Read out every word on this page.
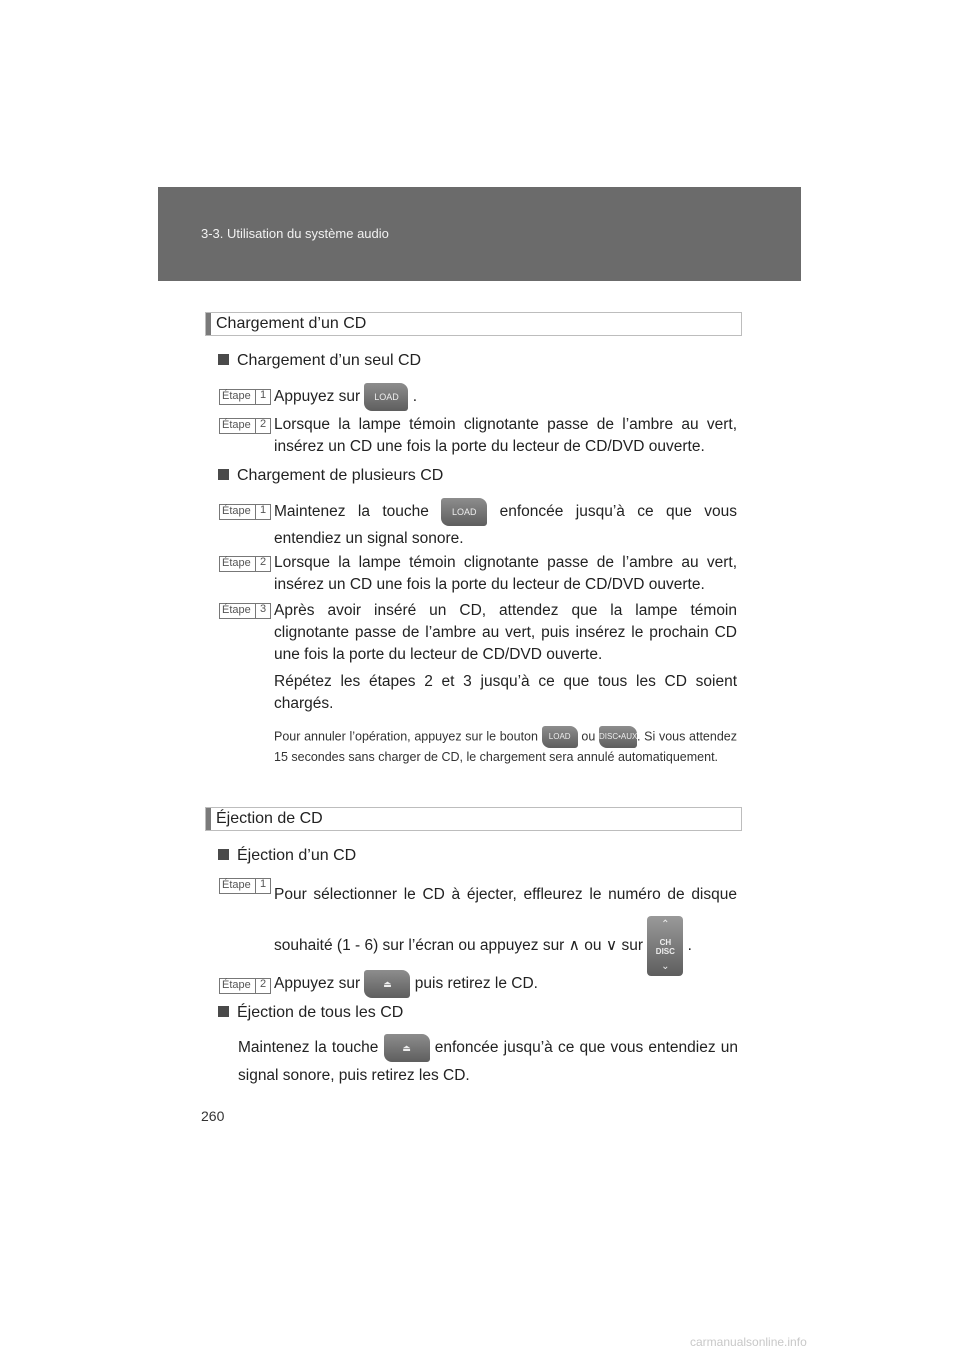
3-3. Utilisation du système audio
Chargement d’un CD
Chargement d’un seul CD
Étape 1 Appuyez sur LOAD .
Étape 2 Lorsque la lampe témoin clignotante passe de l’ambre au vert, insérez un CD une fois la porte du lecteur de CD/DVD ouverte.
Chargement de plusieurs CD
Étape 1 Maintenez la touche	LOAD enfoncée jusqu’à ce que vous entendiez un signal sonore.
Étape 2 Lorsque la lampe témoin clignotante passe de l’ambre au vert, insérez un CD une fois la porte du lecteur de CD/DVD ouverte.
Étape 3 Après avoir inséré un CD, attendez que la lampe témoin clignotante passe de l’ambre au vert, puis insérez le prochain CD une fois la porte du lecteur de CD/DVD ouverte.
Répétez les étapes 2 et 3 jusqu’à ce que tous les CD soient chargés.
Pour annuler l’opération, appuyez sur le bouton LOAD ou DISC•AUX. Si vous attendez 15 secondes sans charger de CD, le chargement sera annulé automatiquement.
Éjection de CD
Éjection d’un CD
Étape 1
Pour sélectionner le CD à éjecter, effleurez le numéro de disque souhaité (1 - 6) sur l’écran ou appuyez sur ∧ ou ∨ sur
⌃
CH
DISC
⌄
.
Étape 2 Appuyez sur	⏏ puis retirez le CD.
Éjection de tous les CD
Maintenez la touche	⏏ enfoncée jusqu’à ce que vous entendiez un signal sonore, puis retirez les CD.
260
carmanualsonline.info
